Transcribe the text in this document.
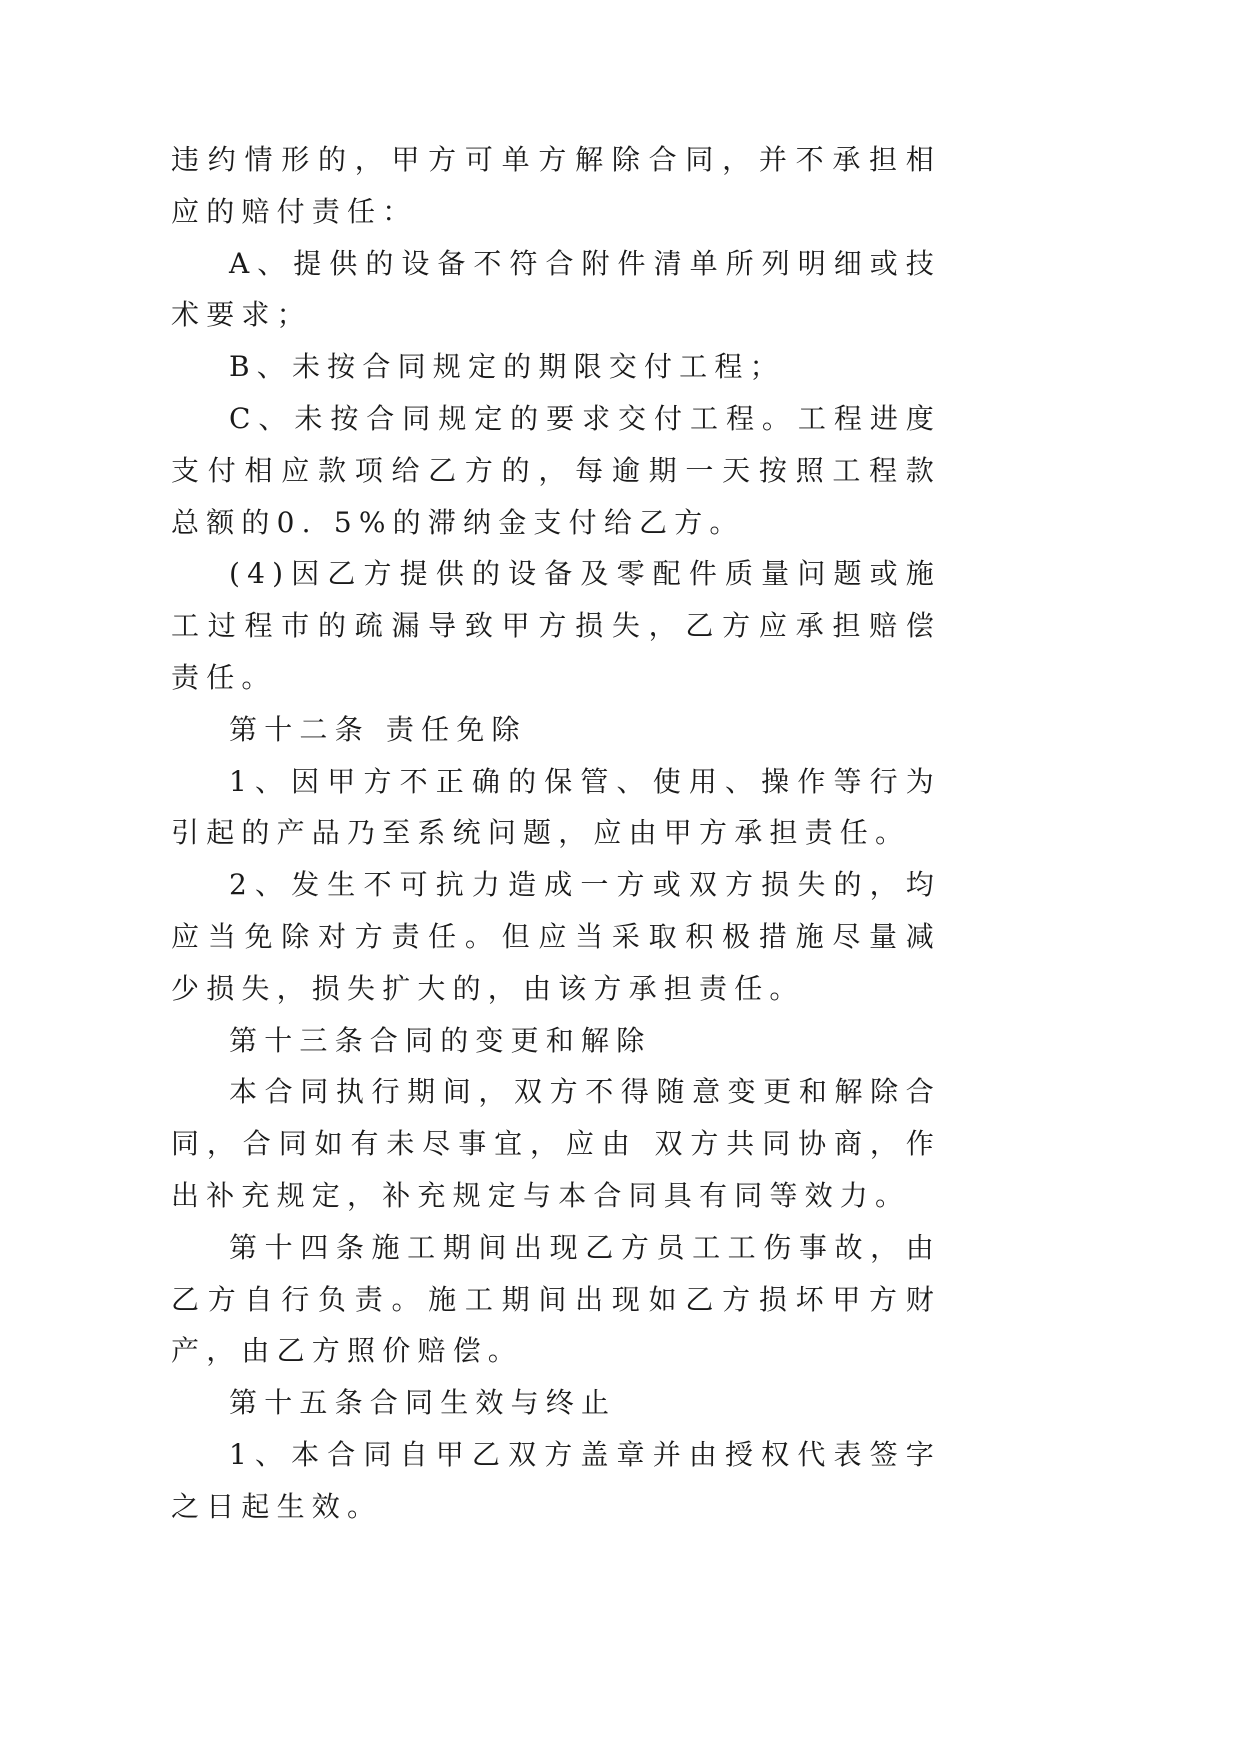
违约情形的，甲方可单方解除合同，并不承担相应的赔付责任：

A、提供的设备不符合附件清单所列明细或技术要求；

B、未按合同规定的期限交付工程；

C、未按合同规定的要求交付工程。工程进度支付相应款项给乙方的，每逾期一天按照工程款总额的0. 5%的滞纳金支付给乙方。

(4)因乙方提供的设备及零配件质量问题或施工过程巿的疏漏导致甲方损失，乙方应承担赔偿责任。

第十二条 责任免除

1、因甲方不正确的保管、使用、操作等行为引起的产品乃至系统问题，应由甲方承担责任。

2、发生不可抗力造成一方或双方损失的，均应当免除对方责任。但应当采取积极措施尽量减少损失，损失扩大的，由该方承担责任。

第十三条合同的变更和解除

本合同执行期间，双方不得随意变更和解除合同，合同如有未尽事宜，应由 双方共同协商，作出补充规定，补充规定与本合同具有同等效力。

第十四条施工期间出现乙方员工工伤事故，由乙方自行负责。施工期间出现如乙方损坏甲方财产，由乙方照价赔偿。

第十五条合同生效与终止

1、本合同自甲乙双方盖章并由授权代表签字之日起生效。
